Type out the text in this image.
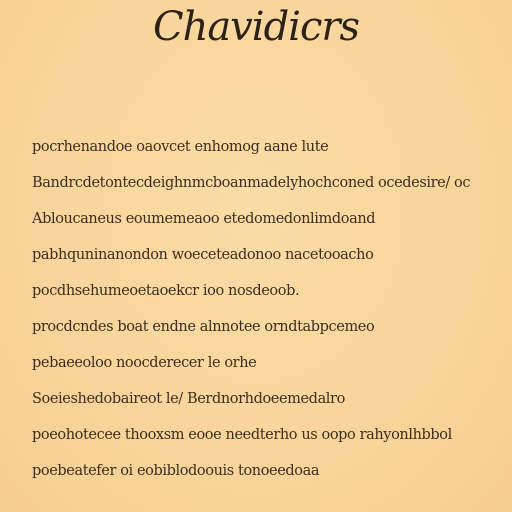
Chavidicrs
pocrhenandoe oaovcet enhomog aane lute
Bandrcdetontecdeighnmcboanmadelyhochconed ocedesire/ oc
Abloucaneus eoumemeaoo etedomedonlimdoand
pabhquninanondon woeceteadonoo nacetooacho
pocdhsehumeoetaoekcr ioo nosdeoob.
procdcndes boat endne alnnotee orndtabpcemeo
pebaeeoloo noocderecer le orhe
Soeieshedobaireot le/ Berdnorhdoeemedalro
poeohotecee thooxsm eooe needterho us oopo rahyonlhbbol
poebeatefer oi eobiblodoouis tonoeedoaa
